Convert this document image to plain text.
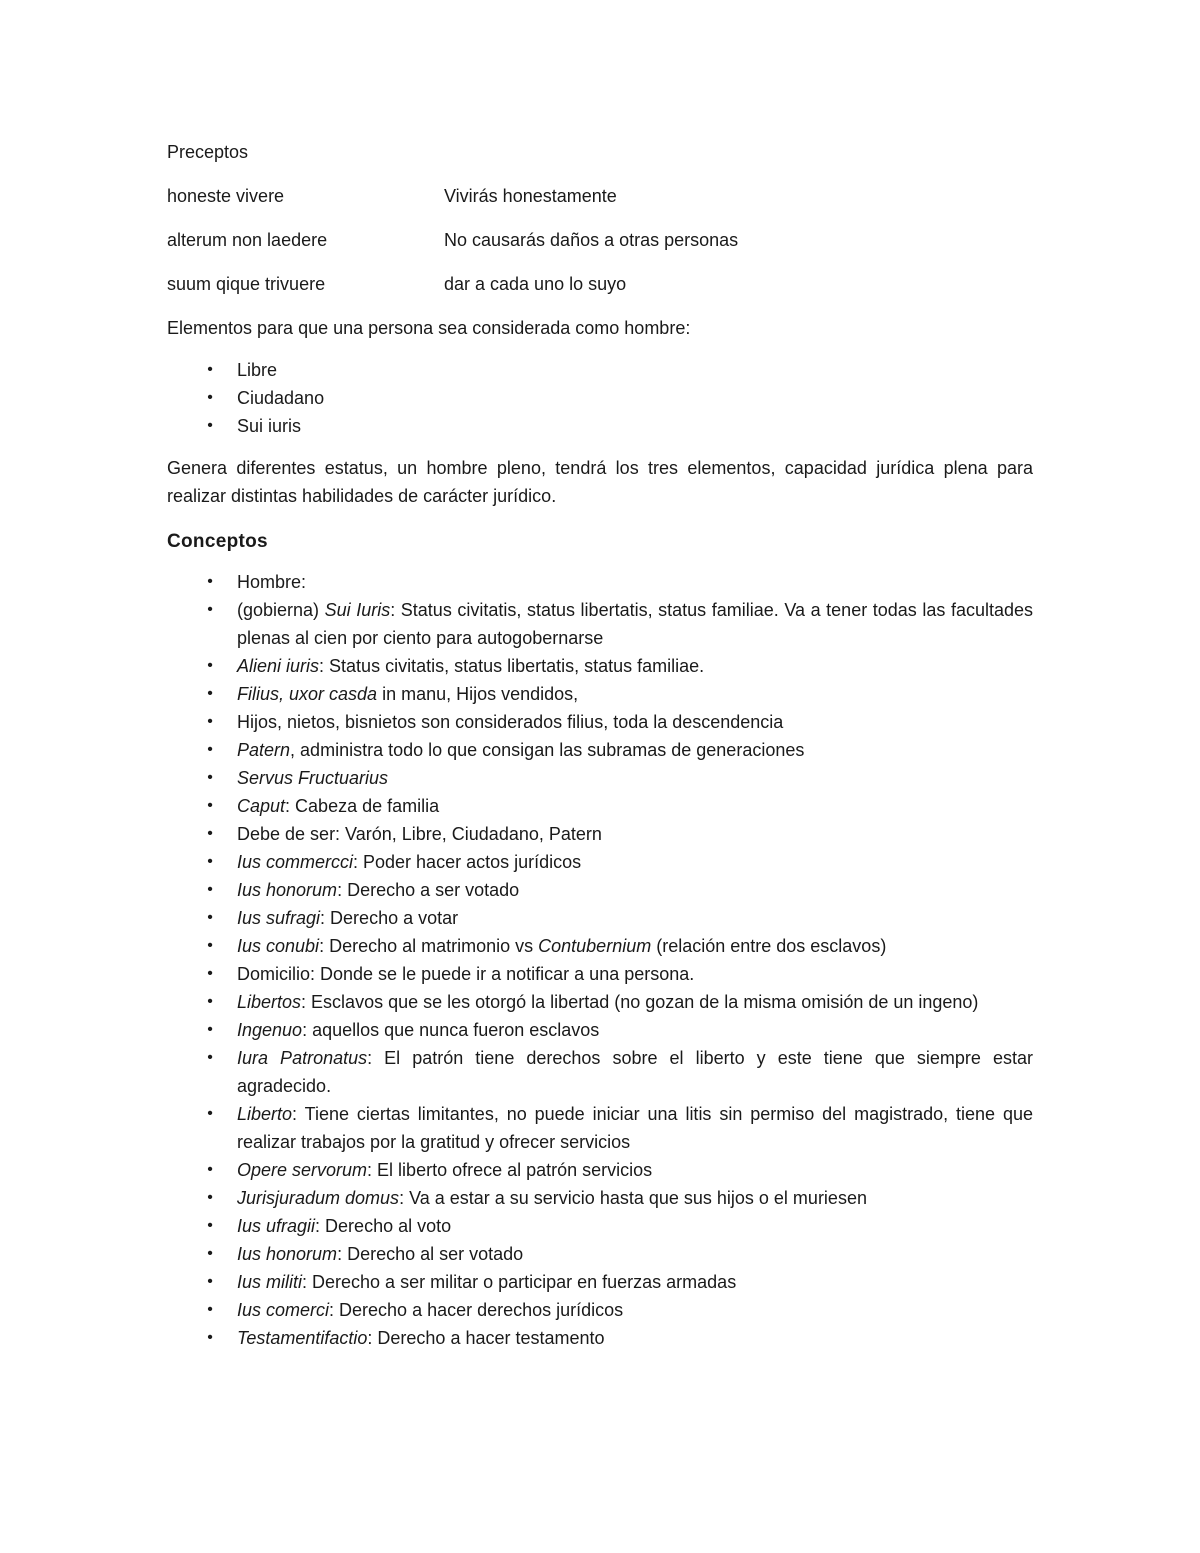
Preceptos

honeste vivere	Vivirás honestamente
alterum non laedere	No causarás daños a otras personas
suum qique trivuere	dar a cada uno lo suyo

Elementos para que una persona sea considerada como hombre:

•	Libre
•	Ciudadano
•	Sui iuris

Genera diferentes estatus, un hombre pleno, tendrá los tres elementos, capacidad jurídica plena para realizar distintas habilidades de carácter jurídico.

Conceptos

•	Hombre:
•	(gobierna) Sui Iuris: Status civitatis, status libertatis, status familiae. Va a tener todas las facultades plenas al cien por ciento para autogobernarse
•	Alieni iuris: Status civitatis, status libertatis, status familiae.
•	Filius, uxor casda in manu, Hijos vendidos,
•	Hijos, nietos, bisnietos son considerados filius, toda la descendencia
•	Patern, administra todo lo que consigan las subramas de generaciones
•	Servus Fructuarius
•	Caput: Cabeza de familia
•	Debe de ser: Varón, Libre, Ciudadano, Patern
•	Ius commercci: Poder hacer actos jurídicos
•	Ius honorum: Derecho a ser votado
•	Ius sufragi: Derecho a votar
•	Ius conubi: Derecho al matrimonio vs Contubernium (relación entre dos esclavos)
•	Domicilio: Donde se le puede ir a notificar a una persona.
•	Libertos: Esclavos que se les otorgó la libertad (no gozan de la misma omisión de un ingeno)
•	Ingenuo: aquellos que nunca fueron esclavos
•	Iura Patronatus: El patrón tiene derechos sobre el liberto y este tiene que siempre estar agradecido.
•	Liberto: Tiene ciertas limitantes, no puede iniciar una litis sin permiso del magistrado, tiene que realizar trabajos por la gratitud y ofrecer servicios
•	Opere servorum: El liberto ofrece al patrón servicios
•	Jurisjuradum domus: Va a estar a su servicio hasta que sus hijos o el muriesen
•	Ius ufragii: Derecho al voto
•	Ius honorum: Derecho al ser votado
•	Ius militi: Derecho a ser militar o participar en fuerzas armadas
•	Ius comerci: Derecho a hacer derechos jurídicos
•	Testamentifactio: Derecho a hacer testamento
